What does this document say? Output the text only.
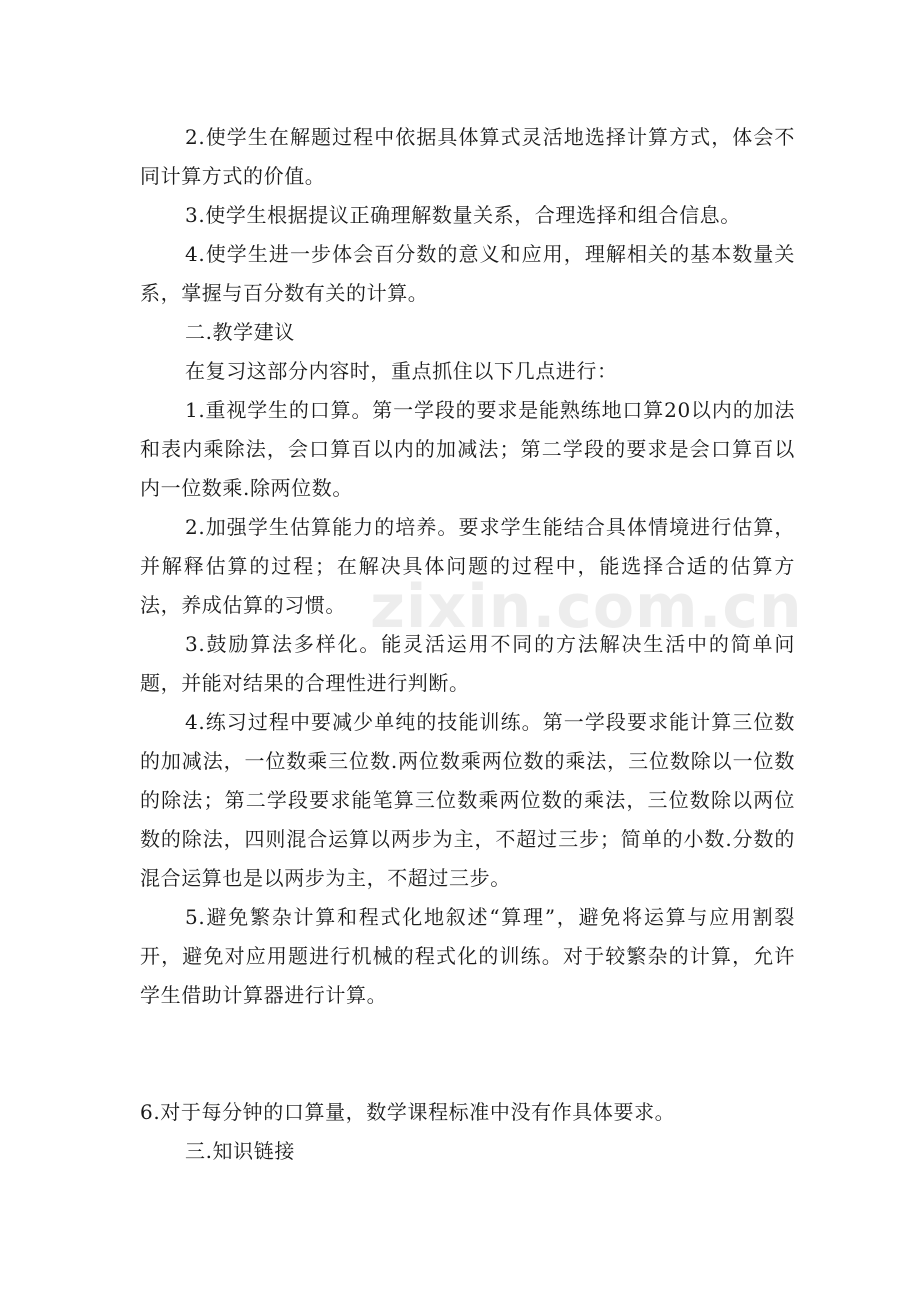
zixin.com.cn

2.使学生在解题过程中依据具体算式灵活地选择计算方式，体会不同计算方式的价值。

3.使学生根据提议正确理解数量关系，合理选择和组合信息。

4.使学生进一步体会百分数的意义和应用，理解相关的基本数量关系，掌握与百分数有关的计算。

二.教学建议

在复习这部分内容时，重点抓住以下几点进行：

1.重视学生的口算。第一学段的要求是能熟练地口算20以内的加法和表内乘除法，会口算百以内的加减法；第二学段的要求是会口算百以内一位数乘.除两位数。

2.加强学生估算能力的培养。要求学生能结合具体情境进行估算，并解释估算的过程；在解决具体问题的过程中，能选择合适的估算方法，养成估算的习惯。

3.鼓励算法多样化。能灵活运用不同的方法解决生活中的简单问题，并能对结果的合理性进行判断。

4.练习过程中要减少单纯的技能训练。第一学段要求能计算三位数的加减法，一位数乘三位数.两位数乘两位数的乘法，三位数除以一位数的除法；第二学段要求能笔算三位数乘两位数的乘法，三位数除以两位数的除法，四则混合运算以两步为主，不超过三步；简单的小数.分数的混合运算也是以两步为主，不超过三步。

5.避免繁杂计算和程式化地叙述“算理”，避免将运算与应用割裂开，避免对应用题进行机械的程式化的训练。对于较繁杂的计算，允许学生借助计算器进行计算。

6.对于每分钟的口算量，数学课程标准中没有作具体要求。

三.知识链接
